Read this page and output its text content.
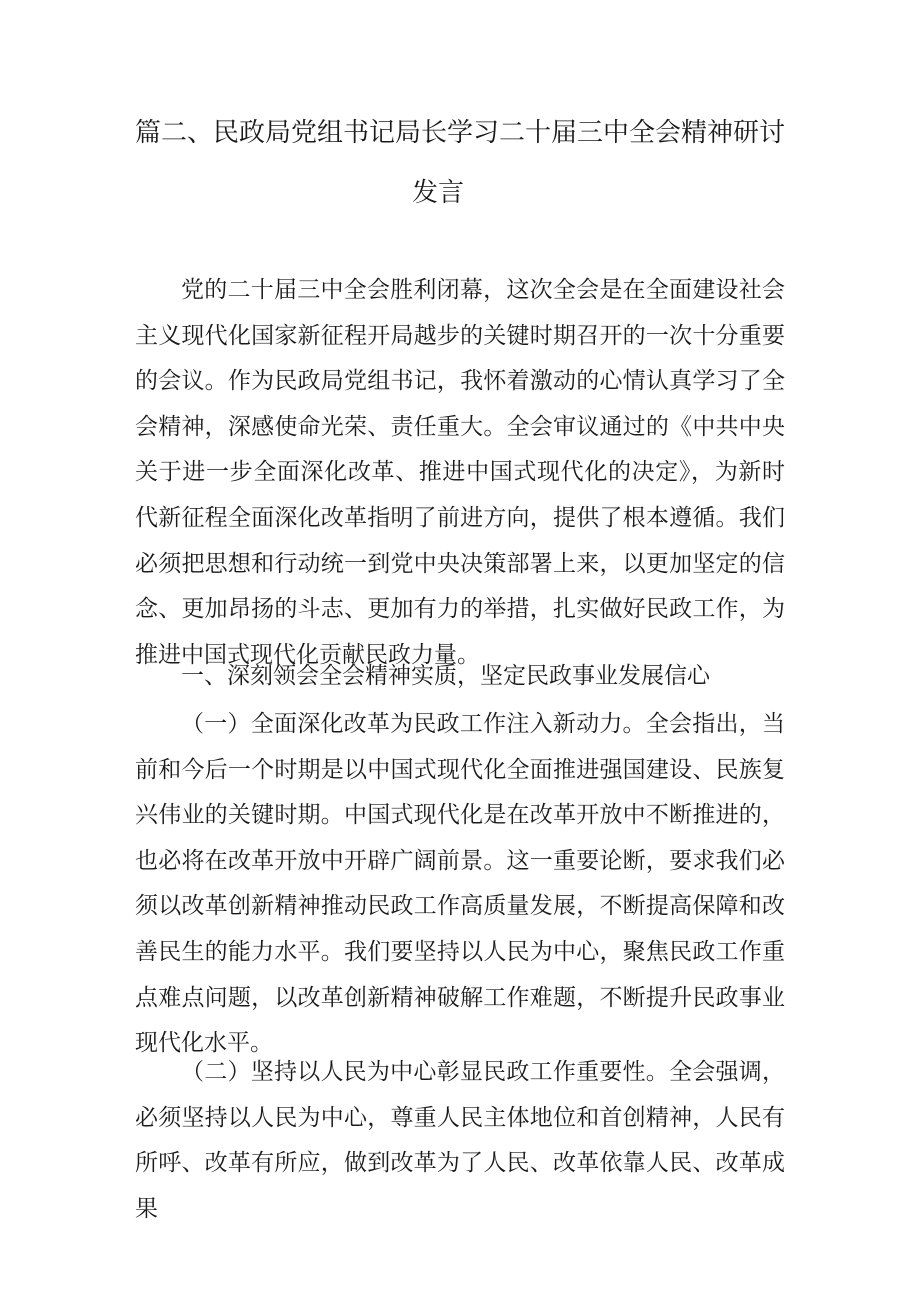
篇二、民政局党组书记局长学习二十届三中全会精神研讨
发言

党的二十届三中全会胜利闭幕，这次全会是在全面建设社会主义现代化国家新征程开局越步的关键时期召开的一次十分重要的会议。作为民政局党组书记，我怀着激动的心情认真学习了全会精神，深感使命光荣、责任重大。全会审议通过的《中共中央关于进一步全面深化改革、推进中国式现代化的决定》，为新时代新征程全面深化改革指明了前进方向，提供了根本遵循。我们必须把思想和行动统一到党中央决策部署上来，以更加坚定的信念、更加昂扬的斗志、更加有力的举措，扎实做好民政工作，为推进中国式现代化贡献民政力量。

一、深刻领会全会精神实质，坚定民政事业发展信心

（一）全面深化改革为民政工作注入新动力。全会指出，当前和今后一个时期是以中国式现代化全面推进强国建设、民族复兴伟业的关键时期。中国式现代化是在改革开放中不断推进的，也必将在改革开放中开辟广阔前景。这一重要论断，要求我们必须以改革创新精神推动民政工作高质量发展，不断提高保障和改善民生的能力水平。我们要坚持以人民为中心，聚焦民政工作重点难点问题，以改革创新精神破解工作难题，不断提升民政事业现代化水平。

（二）坚持以人民为中心彰显民政工作重要性。全会强调，必须坚持以人民为中心，尊重人民主体地位和首创精神，人民有所呼、改革有所应，做到改革为了人民、改革依靠人民、改革成果
